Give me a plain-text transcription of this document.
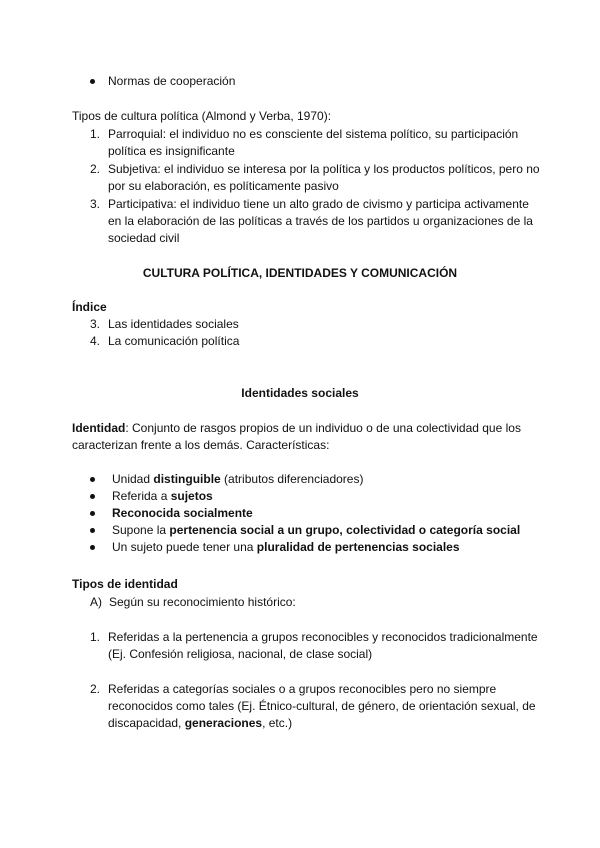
Normas de cooperación
Tipos de cultura política (Almond y Verba, 1970):
1. Parroquial: el individuo no es consciente del sistema político, su participación
política es insignificante
2. Subjetiva: el individuo se interesa por la política y los productos políticos, pero no
por su elaboración, es políticamente pasivo
3. Participativa: el individuo tiene un alto grado de civismo y participa activamente
en la elaboración de las políticas a través de los partidos u organizaciones de la
sociedad civil
CULTURA POLÍTICA, IDENTIDADES Y COMUNICACIÓN
Índice
3. Las identidades sociales
4. La comunicación política
Identidades sociales
Identidad: Conjunto de rasgos propios de un individuo o de una colectividad que los
caracterizan frente a los demás. Características:
Unidad distinguible (atributos diferenciadores)
Referida a sujetos
Reconocida socialmente
Supone la pertenencia social a un grupo, colectividad o categoría social
Un sujeto puede tener una pluralidad de pertenencias sociales
Tipos de identidad
A) Según su reconocimiento histórico:
1. Referidas a la pertenencia a grupos reconocibles y reconocidos tradicionalmente
(Ej. Confesión religiosa, nacional, de clase social)
2. Referidas a categorías sociales o a grupos reconocibles pero no siempre
reconocidos como tales (Ej. Étnico-cultural, de género, de orientación sexual, de
discapacidad, generaciones, etc.)
